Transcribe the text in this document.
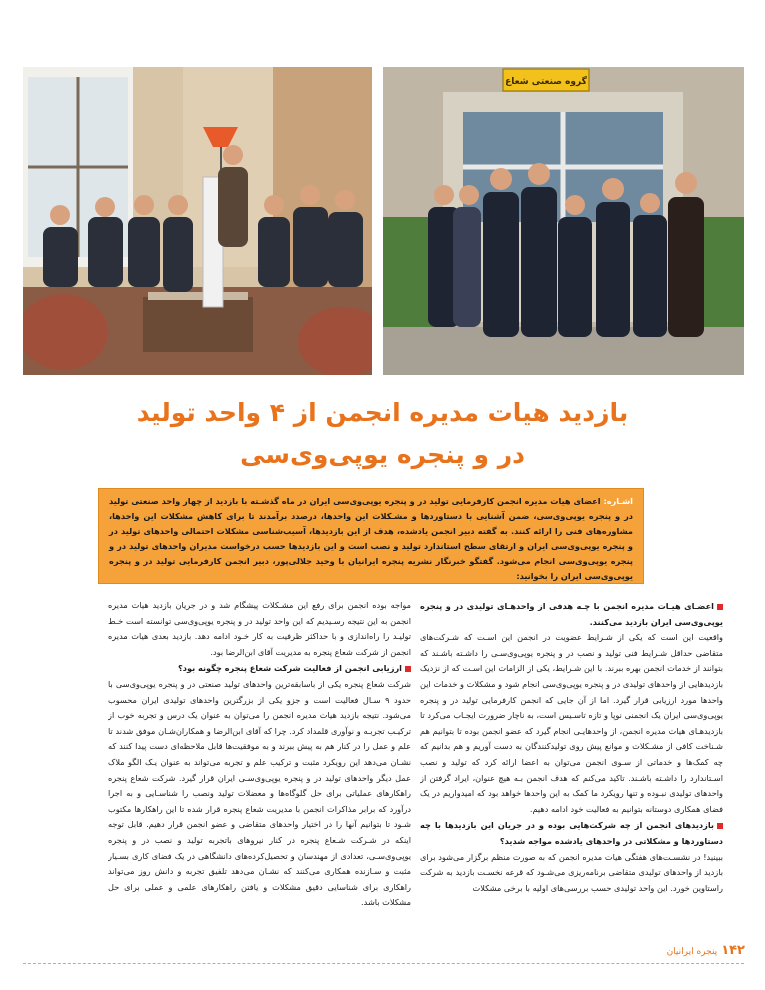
گروه صنعتی شعاع
بازدید هیات مدیره انجمن از ۴ واحد تولید
در و پنجره یوپی‌وی‌سی
اشـاره: اعضای هیات مدیره انجمن کارفرمایی تولید در و پنجره یوپی‌وی‌سی ایران در ماه گذشـته با بازدید از چهار واحد صنعتی تولید در و پنجره یوپی‌وی‌سی، ضمن آشنایی با دستاوردها و مشـکلات این واحدها، درصدد برآمدند تا برای کاهش مشکلات این واحدها، مشاوره‌های فنی را ارائه کنند. به گفته دبیر انجمن یادشده، هدف از این بازدیدها، آسیب‌شناسی مشکلات احتمالی واحدهای تولید در و پنجره یوپی‌وی‌سی ایران و ارتقای سطح استاندارد تولید و نصب است و این بازدیدها حسب درخواست مدیران واحدهای تولید در و پنجره یوپی‌وی‌سی انجام می‌شود. گفتگو خبرنگار نشریه پنجره ایرانیان با وحید جلالی‌پور، دبیر انجمن کارفرمایی تولید در و پنجره یوپی‌وی‌سی ایران را بخوانید:

اعضـای هیـات مدیره انجمن با چـه هدفی از واحدهـای تولیدی در و پنجره یوپی‌وی‌سی ایران بازدید می‌کنند.

واقعیت این است که یکی از شـرایط عضویت در انجمن این اسـت که شـرکت‌های متقاضی حداقل شـرایط فنی تولید و نصب در و پنجره یوپی‌وی‌سـی را داشـته باشـند که بتوانند از خدمات انجمن بهره ببرند. با این شـرایط، یکی از الزامات این اسـت که از نزدیک بازدیدهایی از واحدهای تولیدی در و پنجره یوپی‌وی‌سی انجام شود و مشکلات و خدمات این واحدها مورد ارزیابی قرار گیرد. اما از آن جایی که انجمن کارفرمایی تولید در و پنجره یوپی‌وی‌سی ایران یک انجمنی نوپا و تازه تاسـیس است، به ناچار ضرورت ایجـاب می‌کرد تا بازدیدهـای هیات مدیره انجمن، از واحدهایـی انجام گیرد که عضو انجمن بوده تا بتوانیم هم شـناخت کافی از مشـکلات و موانع پیش روی تولیدکنندگان به دست آوریم و هم بدانیم که چه کمک‌ها و خدماتی از سـوی انجمن می‌توان به اعضا ارائه کرد که تولید و نصب اسـتاندارد را داشـته باشـند. تاکید می‌کنم که هدف انجمن بـه هیچ عنوان، ایراد گرفتن از واحدهای تولیدی نبـوده و تنها رویکرد ما کمک به این واحدها خواهد بود که امیدواریم در یک فضای همکاری دوستانه بتوانیم به فعالیت خود ادامه دهیم.

بازدیدهای انجمن از چه شرکت‌هایی بوده و در جریان این بازدیدها با چه دستاوردها و مشکلاتی در واحدهای یادشده مواجه شدید؟

ببینید! در نشسـت‌های هفتگی هیات مدیره انجمن که به صورت منظم برگزار می‌شود برای بازدید از واحدهای تولیدی متقاضی برنامه‌ریزی می‌شـود که قرعه نخسـت بازدید به شرکت راستاوین خورد. این واحد تولیدی حسب بررسی‌های اولیه با برخی مشکلات

مواجه بوده انجمن برای رفع این مشـکلات پیشگام شد و در جریان بازدید هیات مدیره انجمن به این نتیجه رسـیدیم که این واحد تولید در و پنجره یوپی‌وی‌سی توانسته است خـط تولیـد را راه‌اندازی و با حداکثر ظرفیت به کار خـود ادامه دهد. بازدید بعدی هیات مدیره انجمن از شرکت شعاع پنجره به مدیریت آقای ابن‌الرضا بود.

ارزیابی انجمن از فعالیت شرکت شعاع پنجره چگونه بود؟

شرکت شعاع پنجره یکی از باسابقه‌ترین واحدهای تولید صنعتی در و پنجره یوپی‌وی‌سی با حدود ۹ سـال فعالیت است و جزو یکی از بزرگترین واحدهای تولیدی ایران محسوب می‌شود. نتیجه بازدید هیات مدیره انجمن را می‌توان به عنوان یک درس و تجربه خوب از ترکیـب تجربـه و نوآوری قلمداد کرد. چرا که آقای ابن‌الرضا و همکاران‌شـان موفق شدند تا علم و عمل را در کنار هم به پیش ببرند و به موفقیت‌ها قابل ملاحظه‌ای دست پیدا کنند که نشـان می‌دهد این رویکرد مثبت و ترکیب علم و تجربه می‌تواند به عنوان یـک الگو ملاک عمل دیگر واحدهای تولید در و پنجره یوپی‌وی‌سـی ایران قرار گیرد. شرکت شعاع پنجره راهکارهای عملیاتی برای حل گلوگاه‌ها و معضلات تولید ونصب را شناسـایی و به اجرا درآورد که برابر مذاکرات انجمن با مدیریت شعاع پنجره قرار شده تا این راهکارها مکتوب شـود تا بتوانیم آنها را در اختیار واحدهای متقاضی و عضو انجمن قرار دهیم. قابل توجه اینکه در شـرکت شـعاع پنجره در کنار نیروهای باتجربه تولید و نصب در و پنجره یوپی‌وی‌سـی، تعدادی از مهندسان و تحصیل‌کرده‌های دانشگاهی در یک فضای کاری بسـیار مثبت و سـازنده همکاری می‌کنند که نشـان می‌دهد تلفیق تجربه و دانش روز می‌تواند راهکاری برای شناسایی دقیق مشکلات و یافتن راهکارهای علمی و عملی برای حل مشکلات باشد.

۱۴۲پنجره ایرانیان
